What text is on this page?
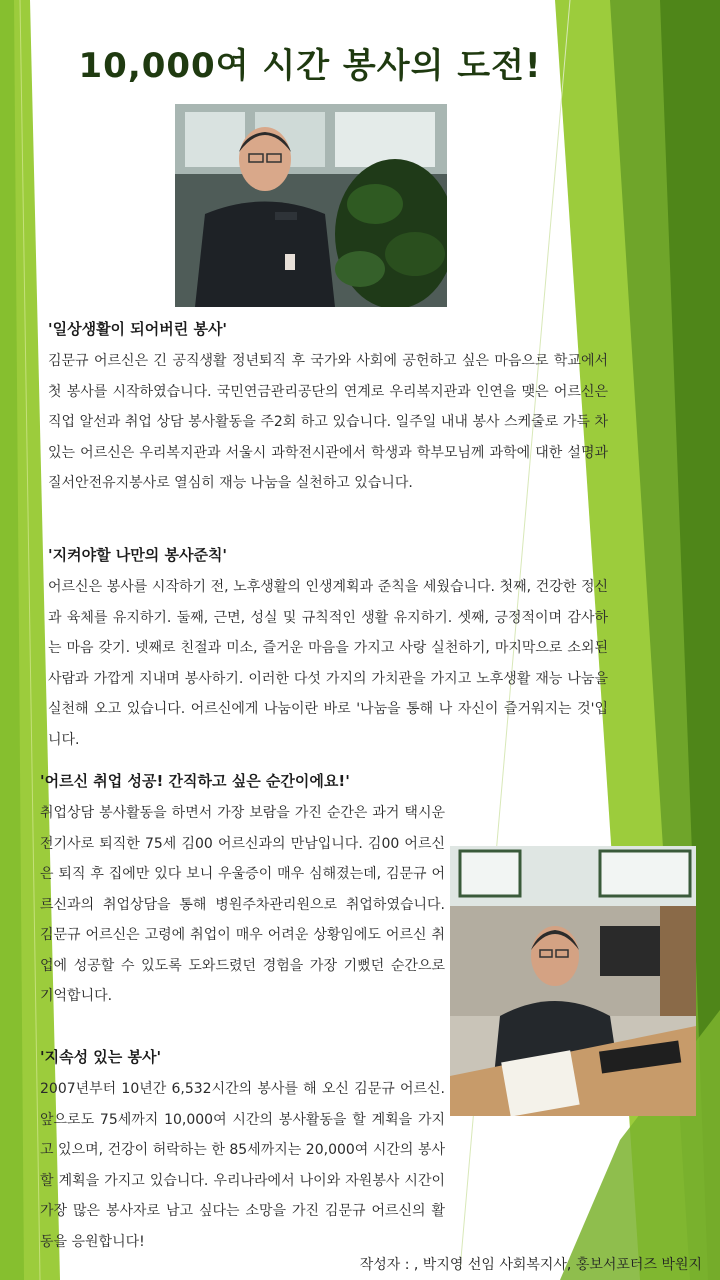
10,000여 시간 봉사의 도전!

'일상생활이 되어버린 봉사'

김문규 어르신은 긴 공직생활 정년퇴직 후 국가와 사회에 공헌하고 싶은 마음으로 학교에서 첫 봉사를 시작하였습니다. 국민연금관리공단의 연계로 우리복지관과 인연을 맺은 어르신은 직업 알선과 취업 상담 봉사활동을 주2회 하고 있습니다. 일주일 내내 봉사 스케줄로 가득 차 있는 어르신은 우리복지관과 서울시 과학전시관에서 학생과 학부모님께 과학에 대한 설명과 질서안전유지봉사로 열심히 재능 나눔을 실천하고 있습니다.

'지켜야할 나만의 봉사준칙'

어르신은 봉사를 시작하기 전, 노후생활의 인생계획과 준칙을 세웠습니다. 첫째, 건강한 정신과 육체를 유지하기. 둘째, 근면, 성실 및 규칙적인 생활 유지하기. 셋째, 긍정적이며 감사하는 마음 갖기. 넷째로 친절과 미소, 즐거운 마음을 가지고 사랑 실천하기, 마지막으로 소외된 사람과 가깝게 지내며 봉사하기. 이러한 다섯 가지의 가치관을 가지고 노후생활 재능 나눔을 실천해 오고 있습니다. 어르신에게 나눔이란 바로 '나눔을 통해 나 자신이 즐거워지는 것'입니다.

'어르신 취업 성공! 간직하고 싶은 순간이에요!'

취업상담 봉사활동을 하면서 가장 보람을 가진 순간은 과거 택시운전기사로 퇴직한 75세 김00 어르신과의 만남입니다. 김00 어르신은 퇴직 후 집에만 있다 보니 우울증이 매우 심해졌는데, 김문규 어르신과의 취업상담을 통해 병원주차관리원으로 취업하였습니다. 김문규 어르신은 고령에 취업이 매우 어려운 상황임에도 어르신 취업에 성공할 수 있도록 도와드렸던 경험을 가장 기뻤던 순간으로 기억합니다.

'지속성 있는 봉사'

2007년부터 10년간 6,532시간의 봉사를 해 오신 김문규 어르신. 앞으로도 75세까지 10,000여 시간의 봉사활동을 할 계획을 가지고 있으며, 건강이 허락하는 한 85세까지는 20,000여 시간의 봉사 할 계획을 가지고 있습니다. 우리나라에서 나이와 자원봉사 시간이 가장 많은 봉사자로 남고 싶다는 소망을 가진 김문규 어르신의 활동을 응원합니다!

작성자 : , 박지영 선임 사회복지사, 홍보서포터즈 박원지
